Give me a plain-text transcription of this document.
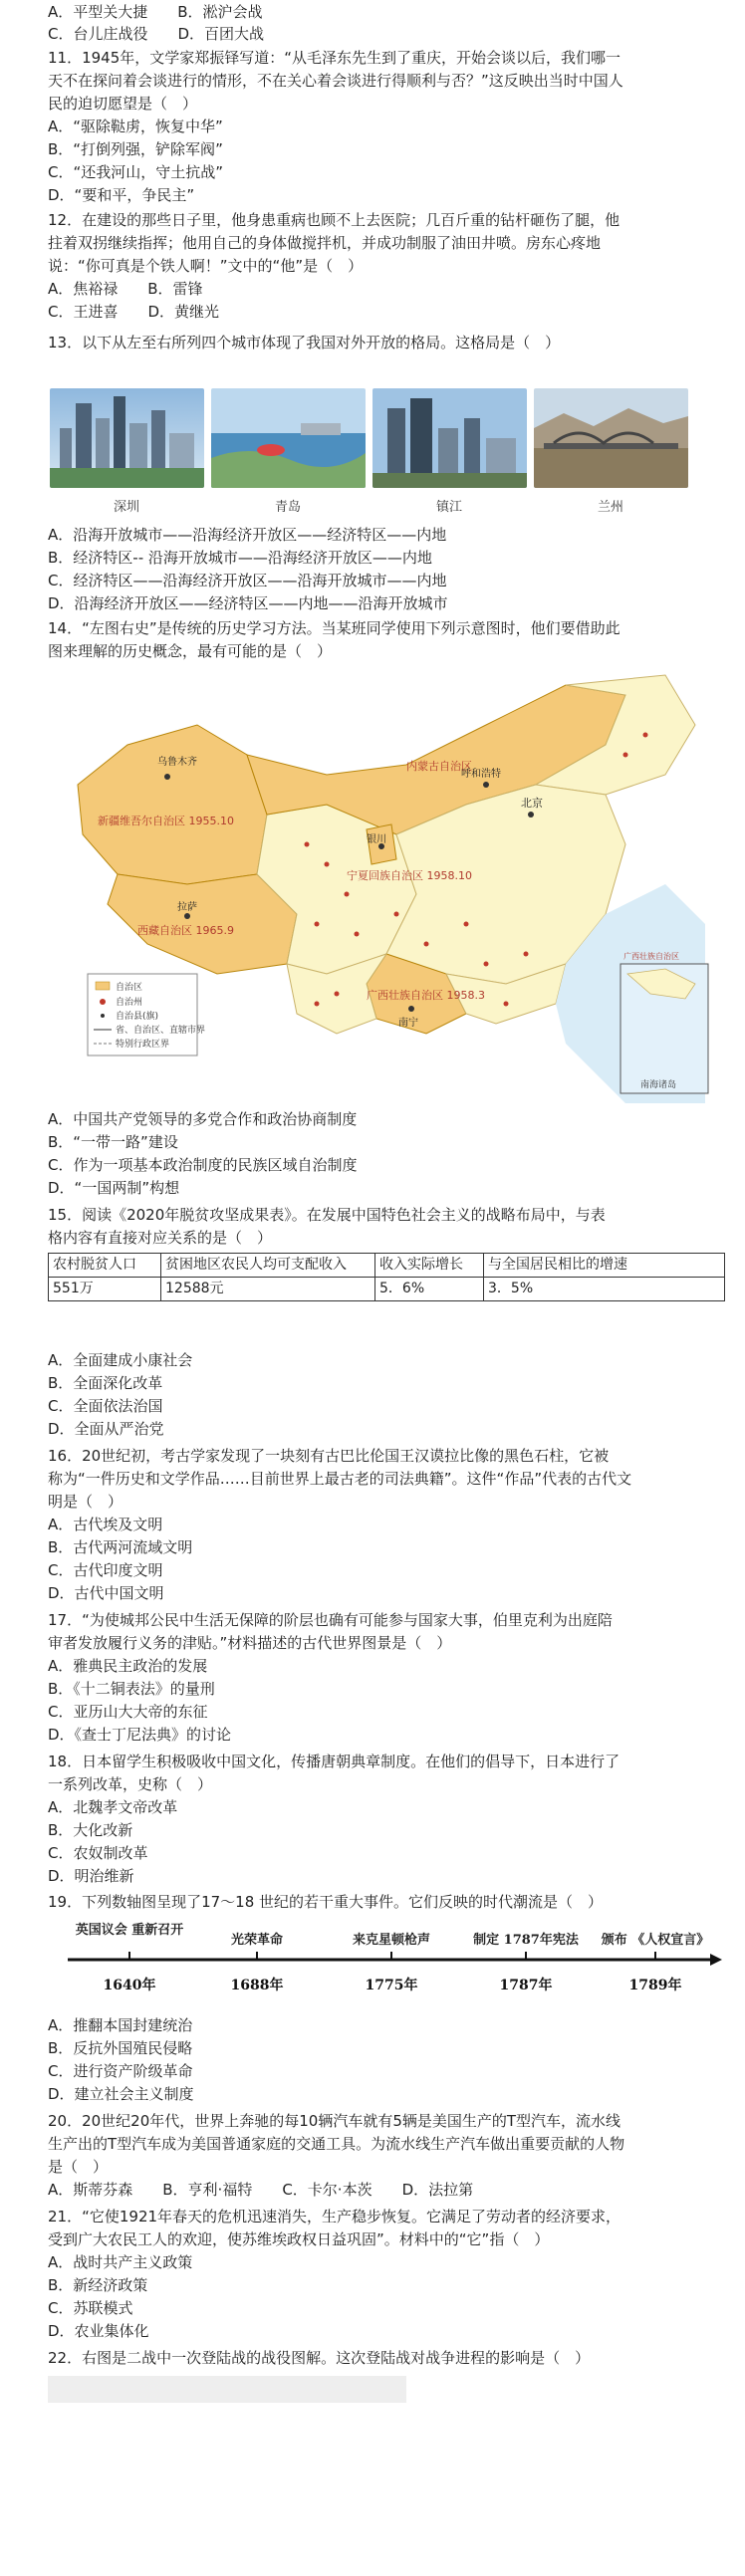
A．平型关大捷　　B．淞沪会战
C．台儿庄战役　　D．百团大战
11．1945年，文学家郑振铎写道：“从毛泽东先生到了重庆，开始会谈以后，我们哪一
天不在探问着会谈进行的情形，不在关心着会谈进行得顺利与否？”这反映出当时中国人
民的迫切愿望是（　）
A．“驱除鞑虏，恢复中华”
B．“打倒列强，铲除军阀”
C．“还我河山，守土抗战”
D．“要和平，争民主”
12．在建设的那些日子里，他身患重病也顾不上去医院；几百斤重的钻杆砸伤了腿，他
拄着双拐继续指挥；他用自己的身体做搅拌机，并成功制服了油田井喷。房东心疼地
说：“你可真是个铁人啊！”文中的“他”是（　）
A．焦裕禄　　B．雷锋
C．王进喜　　D．黄继光
13．以下从左至右所列四个城市体现了我国对外开放的格局。这格局是（　）
深圳	青岛	镇江	兰州
A．沿海开放城市——沿海经济开放区——经济特区——内地
B．经济特区-- 沿海开放城市——沿海经济开放区——内地
C．经济特区——沿海经济开放区——沿海开放城市——内地
D．沿海经济开放区——经济特区——内地——沿海开放城市
14．“左图右史”是传统的历史学习方法。当某班同学使用下列示意图时，他们要借助此
图来理解的历史概念，最有可能的是（　）
新疆维吾尔自治区 1955.10
内蒙古自治区
宁夏回族自治区 1958.10
广西壮族自治区 1958.3
西藏自治区 1965.9
乌鲁木齐
呼和浩特
北京
银川
拉萨
南宁
自治区
自治州
自治县(旗)
省、自治区、直辖市界
特别行政区界
广西壮族自治区
南海诸岛
A．中国共产党领导的多党合作和政治协商制度
B．“一带一路”建设
C．作为一项基本政治制度的民族区域自治制度
D．“一国两制”构想
15．阅读《2020年脱贫攻坚成果表》。在发展中国特色社会主义的战略布局中，与表
格内容有直接对应关系的是（　）
农村脱贫人口	贫困地区农民人均可支配收入	收入实际增长	与全国居民相比的增速
551万	12588元	5．6%	3．5%
A．全面建成小康社会
B．全面深化改革
C．全面依法治国
D．全面从严治党
16．20世纪初，考古学家发现了一块刻有古巴比伦国王汉谟拉比像的黑色石柱，它被
称为“一件历史和文学作品……目前世界上最古老的司法典籍”。这件“作品”代表的古代文
明是（　）
A．古代埃及文明
B．古代两河流域文明
C．古代印度文明
D．古代中国文明
17．“为使城邦公民中生活无保障的阶层也确有可能参与国家大事，伯里克利为出庭陪
审者发放履行义务的津贴。”材料描述的古代世界图景是（　）
A．雅典民主政治的发展
B．《十二铜表法》的量刑
C．亚历山大大帝的东征
D．《查士丁尼法典》的讨论
18．日本留学生积极吸收中国文化，传播唐朝典章制度。在他们的倡导下，日本进行了
一系列改革，史称（　）
A．北魏孝文帝改革
B．大化改新
C．农奴制改革
D．明治维新
19．下列数轴图呈现了17～18 世纪的若干重大事件。它们反映的时代潮流是（　）
英国议会 重新召开
光荣革命	来克星顿枪声	制定 1787年宪法 颁布 《人权宣言》
1640年	1688年	1775年	1787年	1789年
A．推翻本国封建统治
B．反抗外国殖民侵略
C．进行资产阶级革命
D．建立社会主义制度
20．20世纪20年代，世界上奔驰的每10辆汽车就有5辆是美国生产的T型汽车，流水线
生产出的T型汽车成为美国普通家庭的交通工具。为流水线生产汽车做出重要贡献的人物
是（　）
A．斯蒂芬森　　B．亨利·福特　　C．卡尔·本茨　　D．法拉第
21．“它使1921年春天的危机迅速消失，生产稳步恢复。它满足了劳动者的经济要求，
受到广大农民工人的欢迎，使苏维埃政权日益巩固”。材料中的“它”指（　）
A．战时共产主义政策
B．新经济政策
C．苏联模式
D．农业集体化
22．右图是二战中一次登陆战的战役图解。这次登陆战对战争进程的影响是（　）
